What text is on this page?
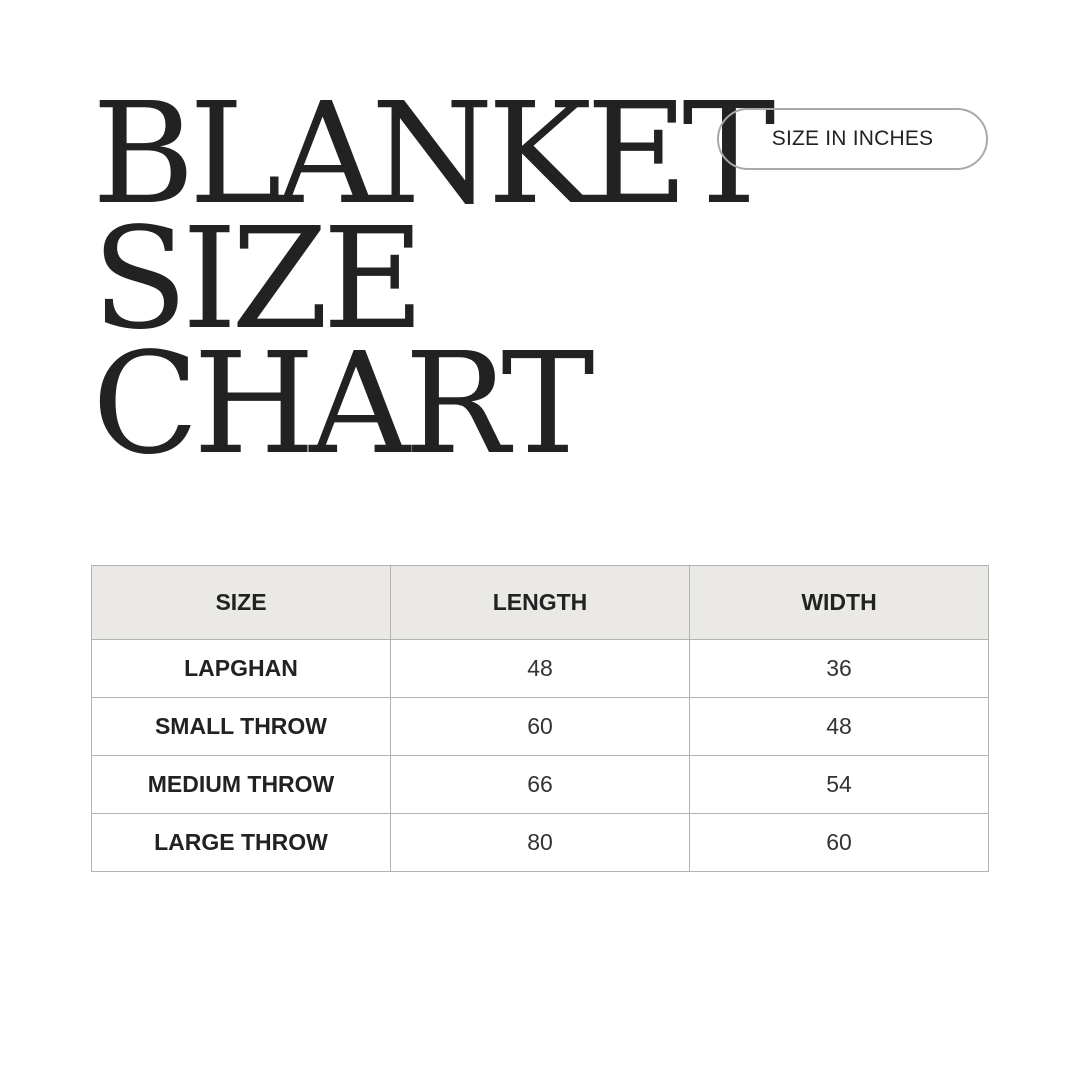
BLANKET
SIZE
CHART
SIZE IN INCHES
SIZE	LENGTH	WIDTH
LAPGHAN	48	36
SMALL THROW	60	48
MEDIUM THROW	66	54
LARGE THROW	80	60
